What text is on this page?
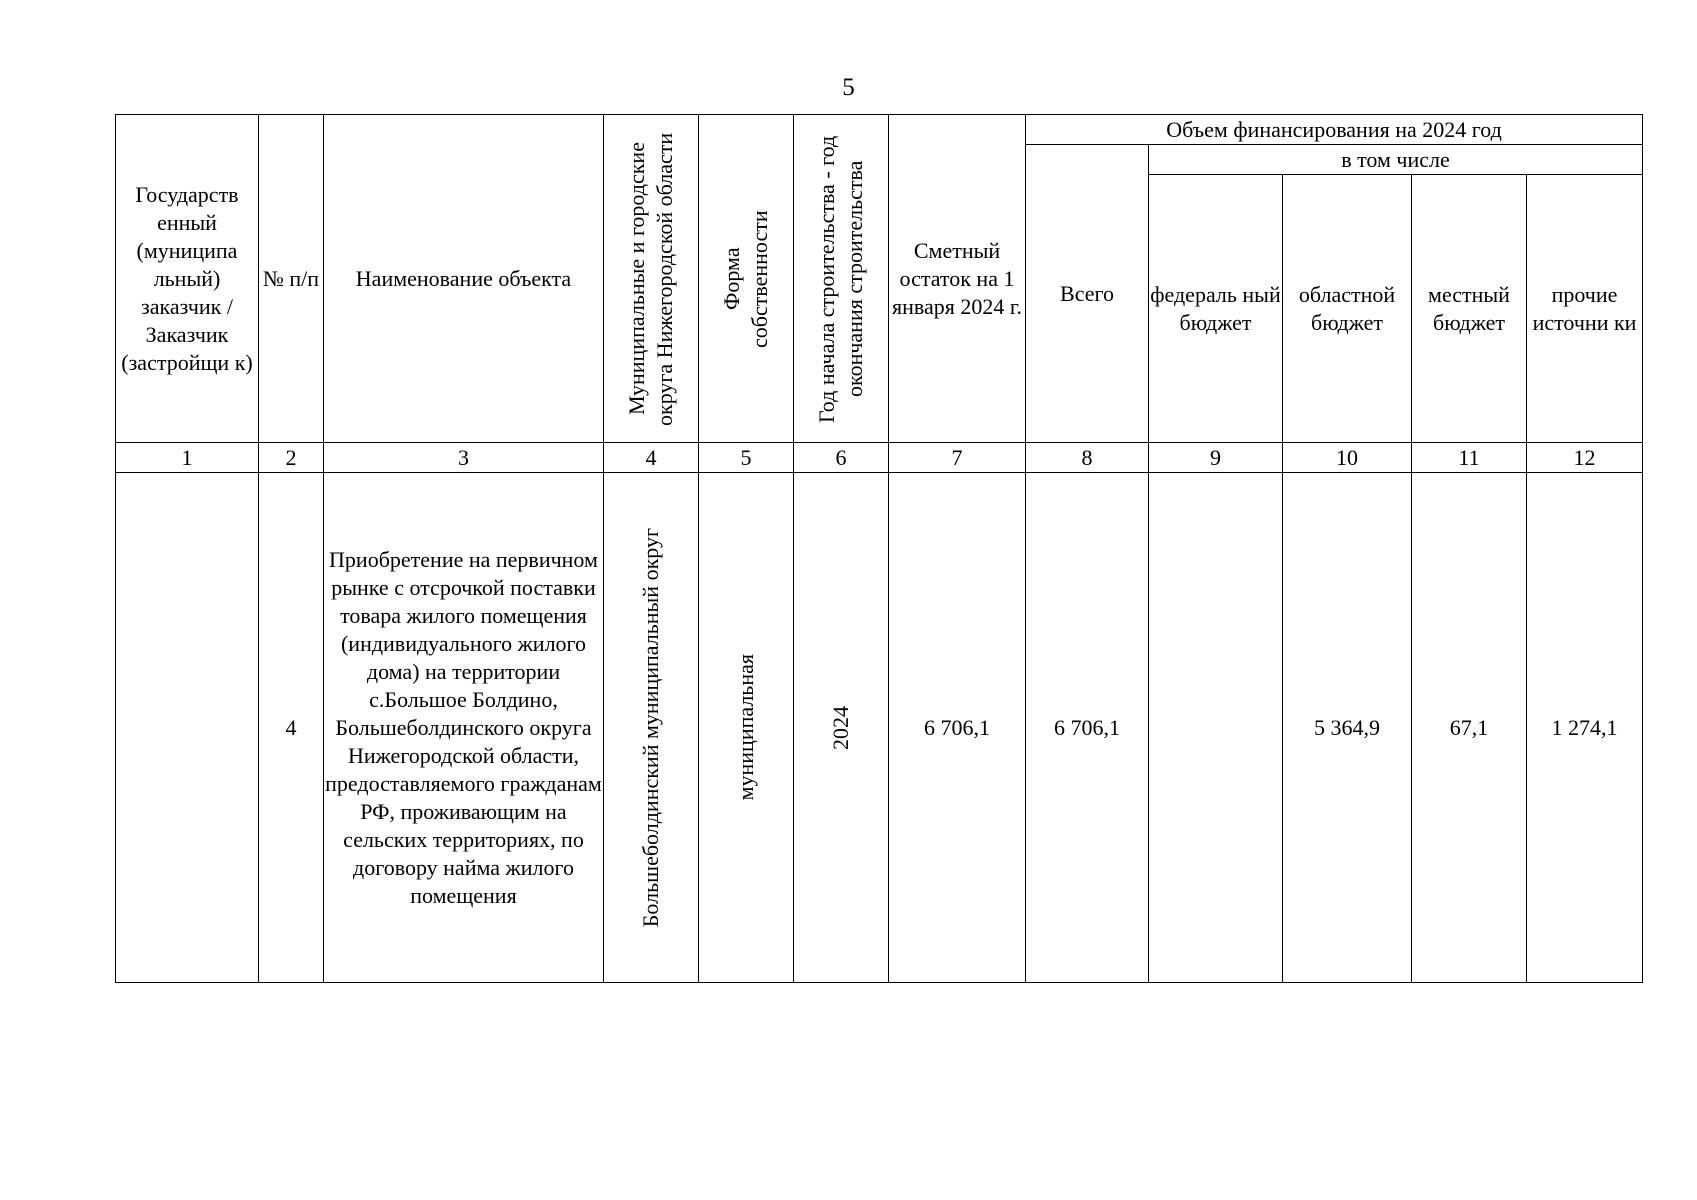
5
Государств енный (муниципа льный) заказчик / Заказчик (застройщи к)	№ п/п	Наименование объекта	Муниципальные и городские округа Нижегородской области	Форма собственности	Год начала строительства - год окончания строительства	Сметный остаток на 1 января 2024 г.	Объем финансирования на 2024 год				
							Всего	в том числе			
								федераль ный бюджет	областной бюджет	местный бюджет	прочие источни ки
1	2	3	4	5	6	7	8	9	10	11	12
	4	Приобретение на первичном рынке с отсрочкой поставки товара жилого помещения (индивидуального жилого дома) на территории с.Большое Болдино, Большеболдинского округа Нижегородской области, предоставляемого гражданам РФ, проживающим на сельских территориях, по договору найма жилого помещения	Большеболдинский муниципальный округ	муниципальная	2024	6 706,1	6 706,1		5 364,9	67,1	1 274,1
